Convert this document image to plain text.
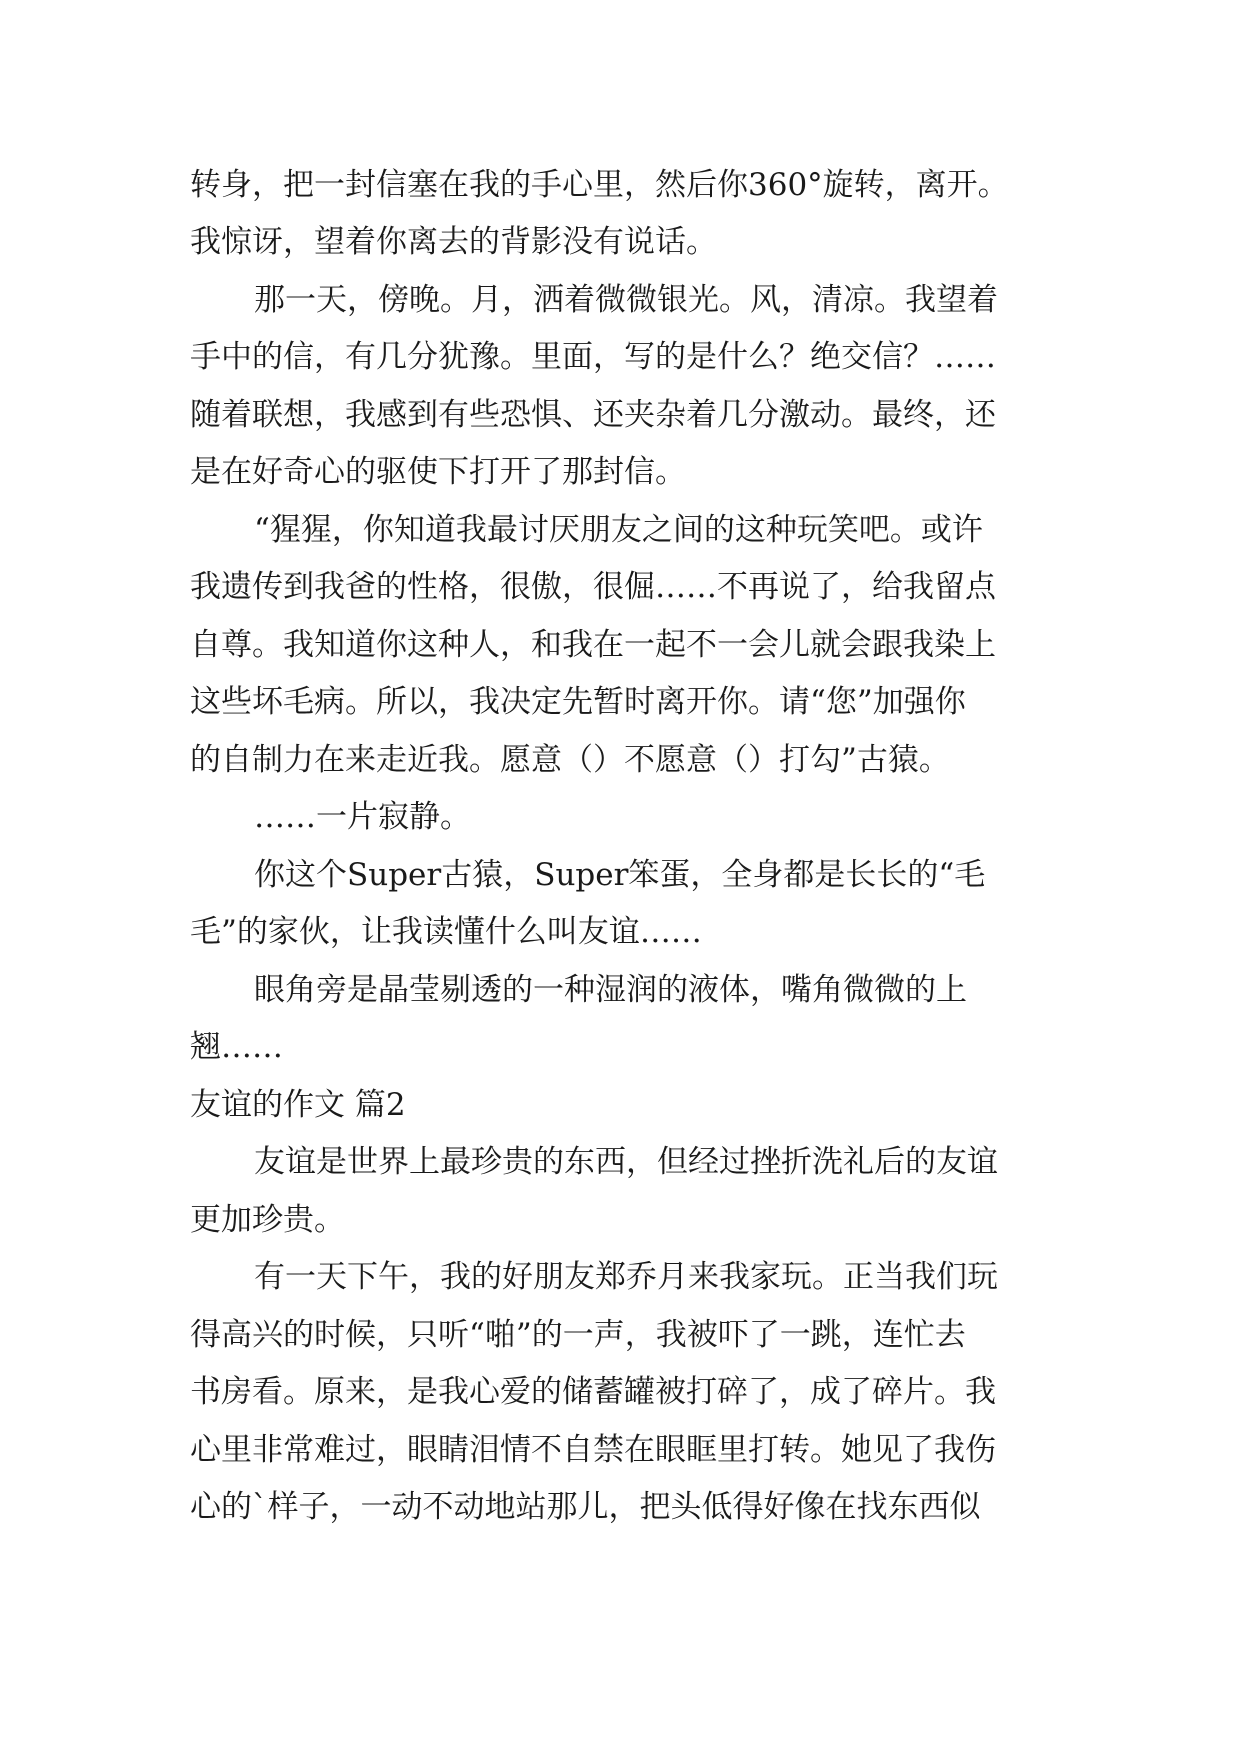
转身，把一封信塞在我的手心里，然后你360°旋转，离开。
我惊讶，望着你离去的背影没有说话。
那一天，傍晚。月，洒着微微银光。风，清凉。我望着
手中的信，有几分犹豫。里面，写的是什么？绝交信？……
随着联想，我感到有些恐惧、还夹杂着几分激动。最终，还
是在好奇心的驱使下打开了那封信。
“猩猩，你知道我最讨厌朋友之间的这种玩笑吧。或许
我遗传到我爸的性格，很傲，很倔……不再说了，给我留点
自尊。我知道你这种人，和我在一起不一会儿就会跟我染上
这些坏毛病。所以，我决定先暂时离开你。请“您”加强你
的自制力在来走近我。愿意（）不愿意（）打勾”古猿。
……一片寂静。
你这个Super古猿，Super笨蛋，全身都是长长的“毛
毛”的家伙，让我读懂什么叫友谊……
眼角旁是晶莹剔透的一种湿润的液体，嘴角微微的上
翘……
友谊的作文 篇2
友谊是世界上最珍贵的东西，但经过挫折洗礼后的友谊
更加珍贵。
有一天下午，我的好朋友郑乔月来我家玩。正当我们玩
得高兴的时候，只听“啪”的一声，我被吓了一跳，连忙去
书房看。原来，是我心爱的储蓄罐被打碎了，成了碎片。我
心里非常难过，眼睛泪情不自禁在眼眶里打转。她见了我伤
心的`样子，一动不动地站那儿，把头低得好像在找东西似
